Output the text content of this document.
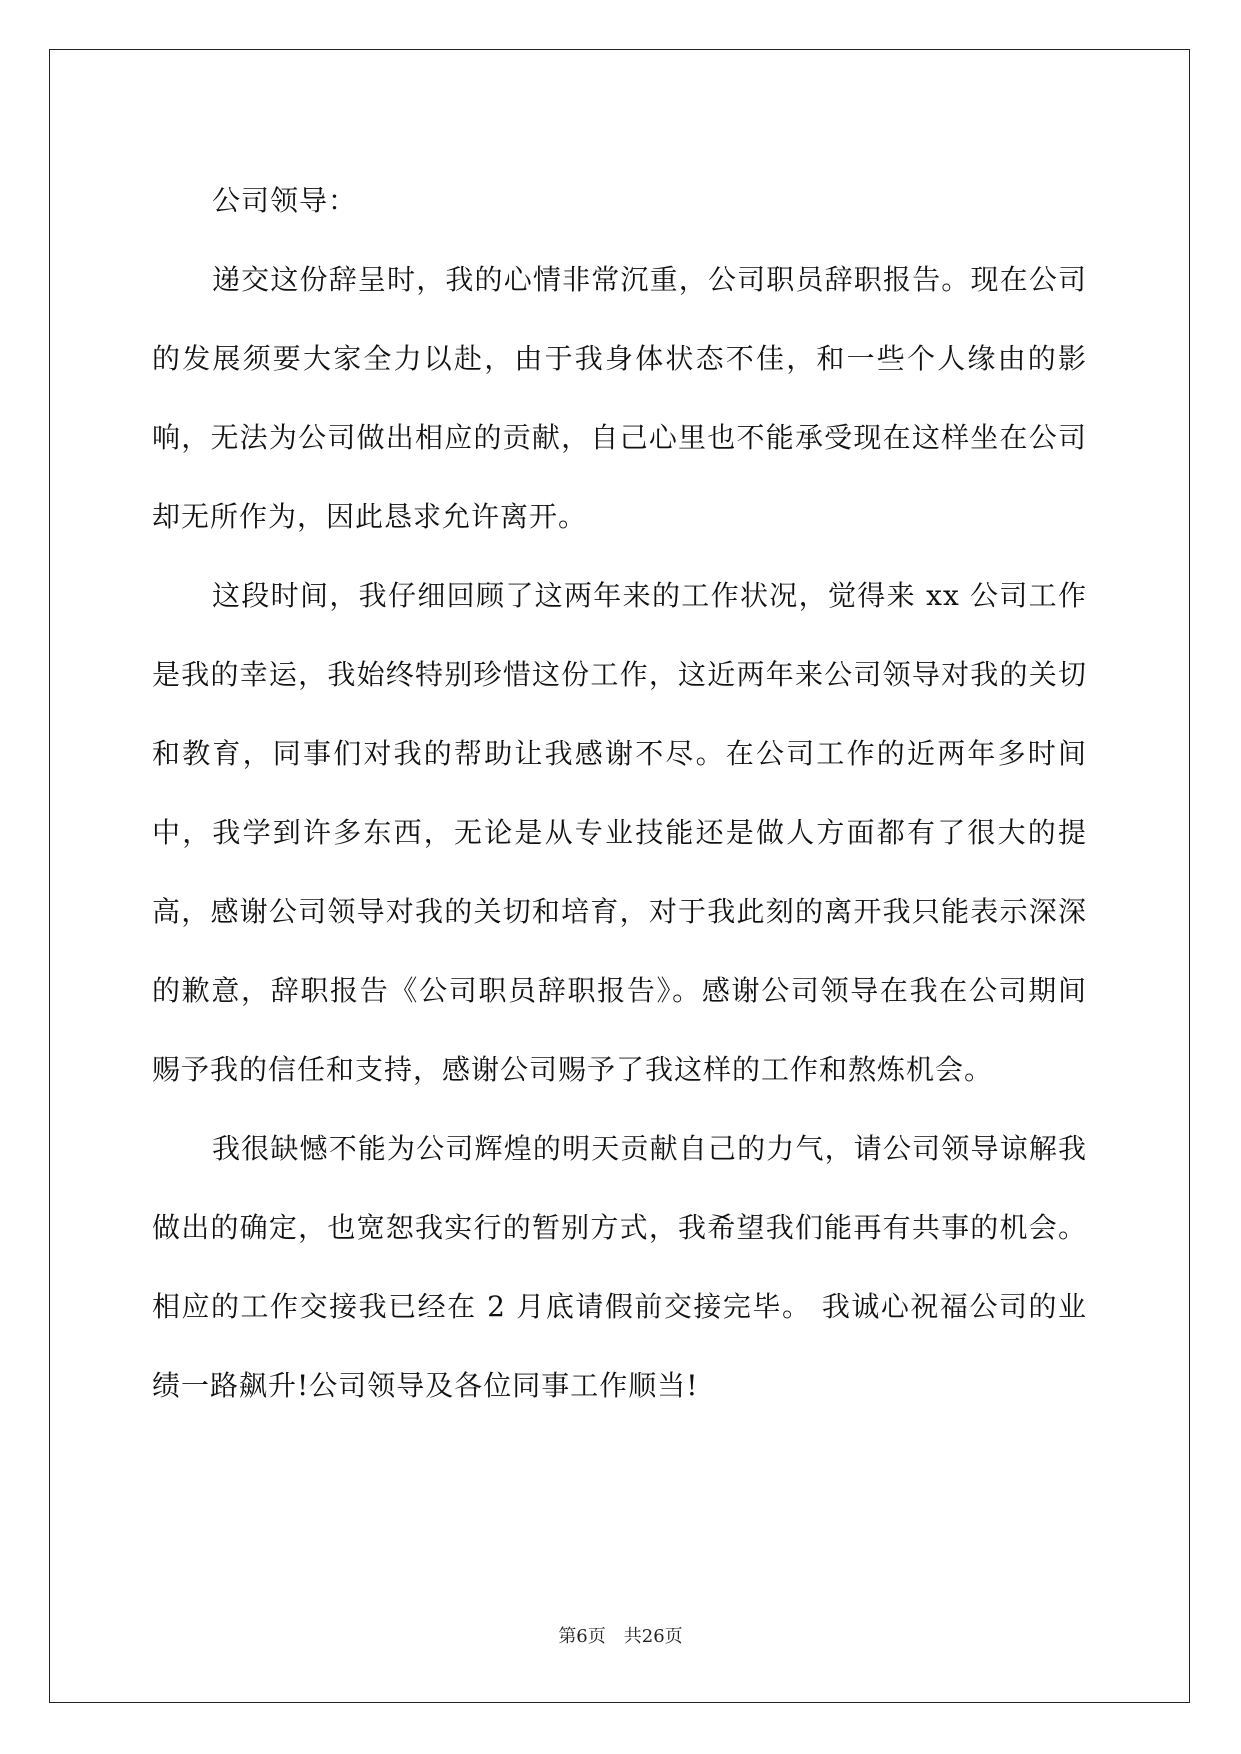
公司领导：

递交这份辞呈时，我的心情非常沉重，公司职员辞职报告。现在公司的发展须要大家全力以赴，由于我身体状态不佳，和一些个人缘由的影响，无法为公司做出相应的贡献，自己心里也不能承受现在这样坐在公司却无所作为，因此恳求允许离开。

这段时间，我仔细回顾了这两年来的工作状况，觉得来 xx 公司工作是我的幸运，我始终特别珍惜这份工作，这近两年来公司领导对我的关切和教育，同事们对我的帮助让我感谢不尽。在公司工作的近两年多时间中，我学到许多东西，无论是从专业技能还是做人方面都有了很大的提高，感谢公司领导对我的关切和培育，对于我此刻的离开我只能表示深深的歉意，辞职报告《公司职员辞职报告》。感谢公司领导在我在公司期间赐予我的信任和支持，感谢公司赐予了我这样的工作和熬炼机会。

我很缺憾不能为公司辉煌的明天贡献自己的力气，请公司领导谅解我做出的确定，也宽恕我实行的暂别方式，我希望我们能再有共事的机会。相应的工作交接我已经在 2 月底请假前交接完毕。 我诚心祝福公司的业绩一路飙升!公司领导及各位同事工作顺当!

第6页 共26页
